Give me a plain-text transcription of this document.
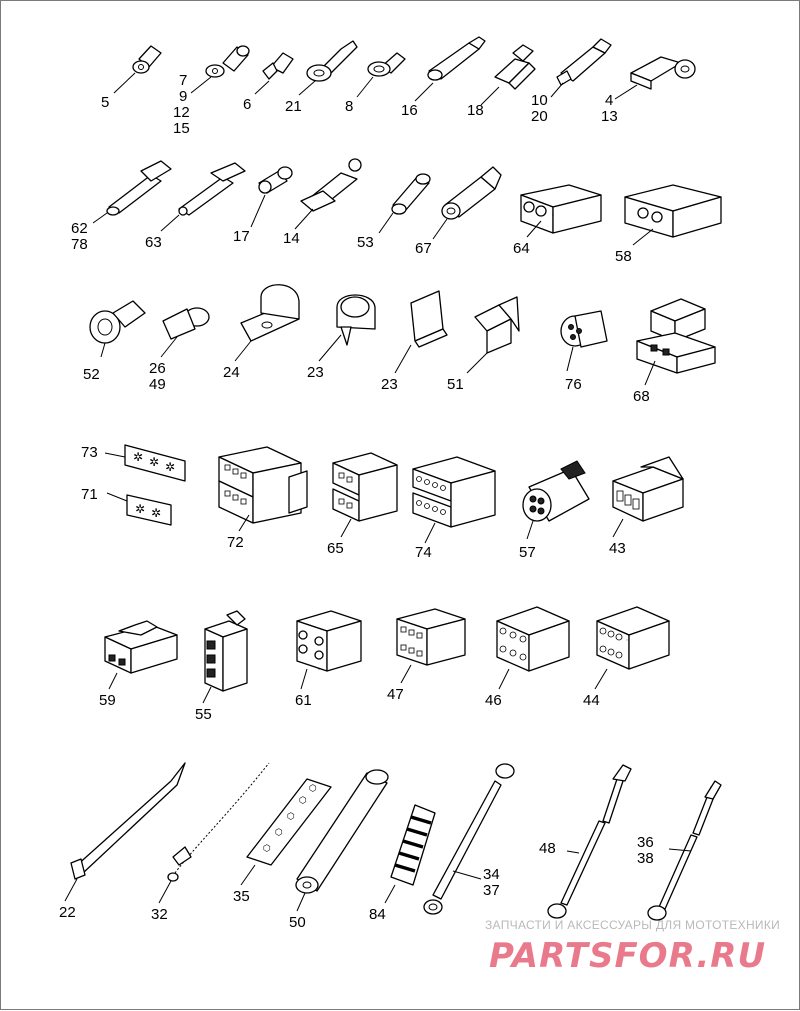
✲ ✲ ✲
✲ ✲
⬡
⬡
⬡
⬡
⬡
5
7
9
12
15
6 21	8	16	18
10
20
4
13
62
78	63	17 14	53	67	64	58
52	26
49
24	23
23	51	76
68
73
71
72	65	74	57	43
59
55
61	47	46	44
22	32
35
50	84
34
37
48	36
38
ЗАПЧАСТИ И АКСЕССУАРЫ ДЛЯ МОТОТЕХНИКИ
PARTSFOR.RU
